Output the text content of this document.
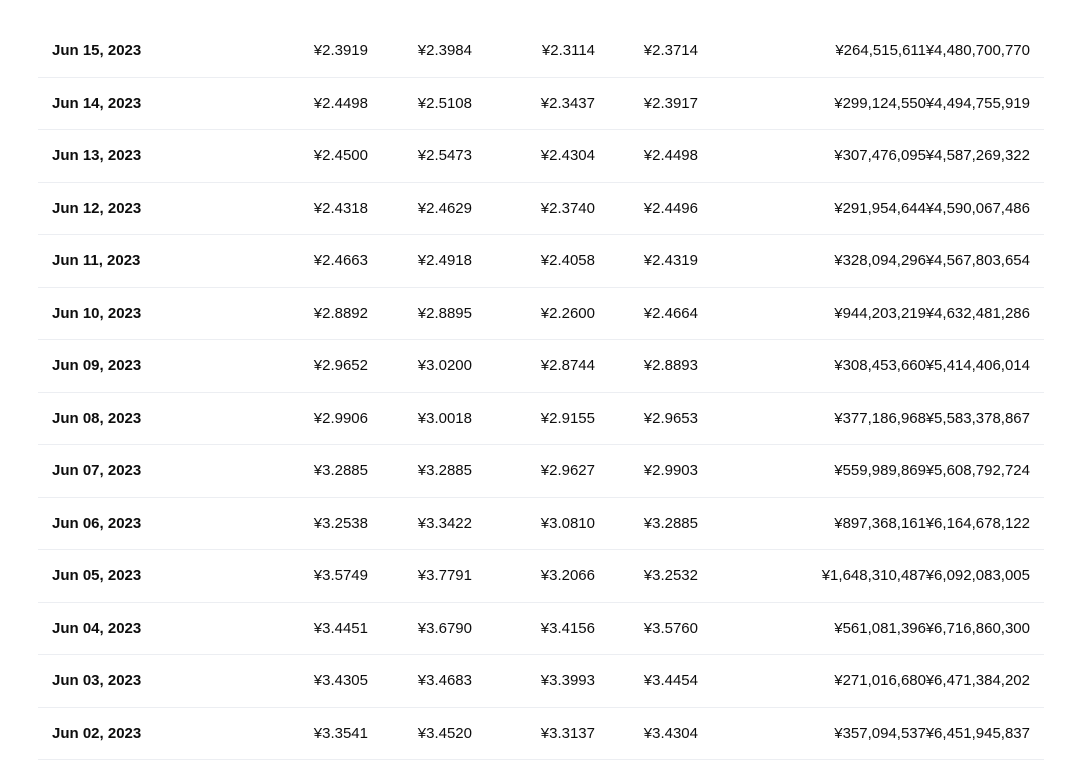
Jun 15, 2023	¥2.3919	¥2.3984	¥2.3114	¥2.3714	¥264,515,611 ¥4,480,700,770
Jun 14, 2023	¥2.4498	¥2.5108	¥2.3437	¥2.3917	¥299,124,550 ¥4,494,755,919
Jun 13, 2023	¥2.4500	¥2.5473	¥2.4304	¥2.4498	¥307,476,095 ¥4,587,269,322
Jun 12, 2023	¥2.4318	¥2.4629	¥2.3740	¥2.4496	¥291,954,644 ¥4,590,067,486
Jun 11, 2023	¥2.4663	¥2.4918	¥2.4058	¥2.4319	¥328,094,296 ¥4,567,803,654
Jun 10, 2023	¥2.8892	¥2.8895	¥2.2600	¥2.4664	¥944,203,219 ¥4,632,481,286
Jun 09, 2023	¥2.9652	¥3.0200	¥2.8744	¥2.8893	¥308,453,660 ¥5,414,406,014
Jun 08, 2023	¥2.9906	¥3.0018	¥2.9155	¥2.9653	¥377,186,968 ¥5,583,378,867
Jun 07, 2023	¥3.2885	¥3.2885	¥2.9627	¥2.9903	¥559,989,869 ¥5,608,792,724
Jun 06, 2023	¥3.2538	¥3.3422	¥3.0810	¥3.2885	¥897,368,161 ¥6,164,678,122
Jun 05, 2023	¥3.5749	¥3.7791	¥3.2066	¥3.2532	¥1,648,310,487 ¥6,092,083,005
Jun 04, 2023	¥3.4451	¥3.6790	¥3.4156	¥3.5760	¥561,081,396 ¥6,716,860,300
Jun 03, 2023	¥3.4305	¥3.4683	¥3.3993	¥3.4454	¥271,016,680 ¥6,471,384,202
Jun 02, 2023	¥3.3541	¥3.4520	¥3.3137	¥3.4304	¥357,094,537 ¥6,451,945,837
